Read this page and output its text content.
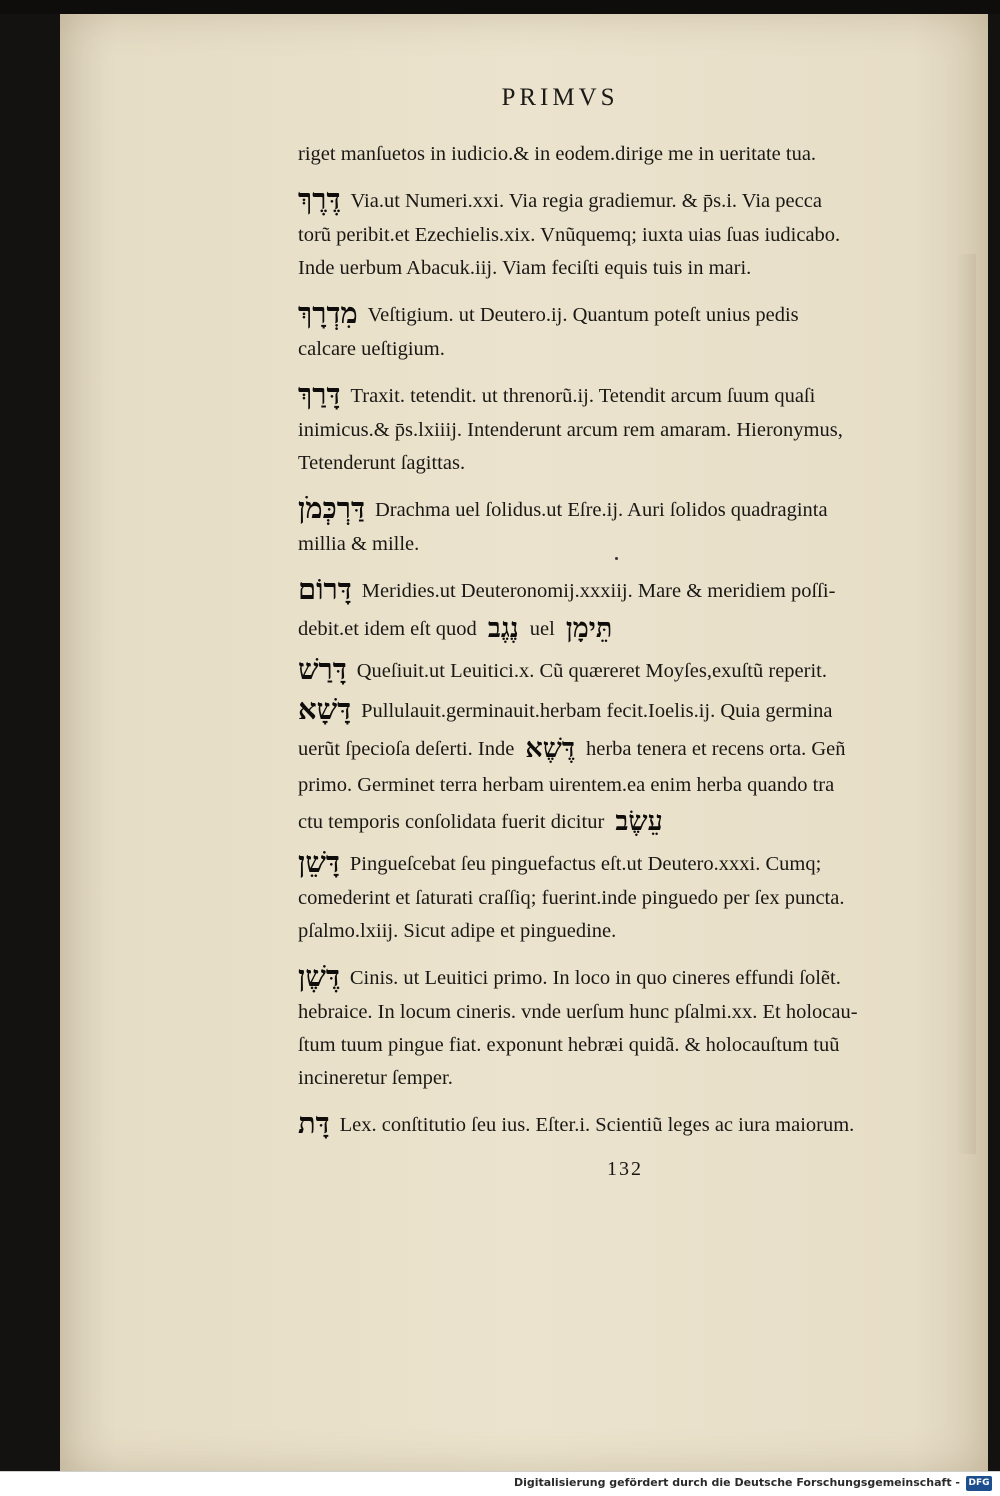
PRIMVS
riget manſuetos in iudicio.& in eodem.dirige me in ueritate tua.
דֶּרֶךְ Via.ut Numeri.xxi. Via regia gradiemur. & p̄s.i. Via pecca
torũ peribit.et Ezechielis.xix. Vnũquemq; iuxta uias ſuas iudicabo.
Inde uerbum Abacuk.iij. Viam feciſti equis tuis in mari.
מִדְרָךְ Veſtigium. ut Deutero.ij. Quantum poteſt unius pedis
calcare ueſtigium.
דָּרַךְ Traxit. tetendit. ut threnorũ.ij. Tetendit arcum ſuum quaſi
inimicus.& p̄s.lxiiij. Intenderunt arcum rem amaram. Hieronymus,
Tetenderunt ſagittas.
דַּרְכְּמֹן Drachma uel ſolidus.ut Eſre.ij. Auri ſolidos quadraginta
millia & mille.
דָּרוֹם Meridies.ut Deuteronomij.xxxiij. Mare & meridiem poſſi-
debit.et idem eſt quod נֶגֶב uel תֵּימָן
דָּרַשׁ Queſiuit.ut Leuitici.x. Cũ quæreret Moyſes,exuſtũ reperit.
דָּשָׁא Pullulauit.germinauit.herbam fecit.Ioelis.ij. Quia germina
uerũt ſpecioſa deſerti. Inde דֶּשֶׁא herba tenera et recens orta. Geñ
primo. Germinet terra herbam uirentem.ea enim herba quando tra
ctu temporis conſolidata fuerit dicitur עֵשֶׂב
דָּשֵׁן Pingueſcebat ſeu pinguefactus eſt.ut Deutero.xxxi. Cumq;
comederint et ſaturati craſſiq; fuerint.inde pinguedo per ſex puncta.
pſalmo.lxiij. Sicut adipe et pinguedine.
דֶּשֶׁן Cinis. ut Leuitici primo. In loco in quo cineres effundi ſolẽt.
hebraice. In locum cineris. vnde uerſum hunc pſalmi.xx. Et holocau-
ſtum tuum pingue fiat. exponunt hebræi quidã. & holocauſtum tuũ
incineretur ſemper.
דָּת Lex. conſtitutio ſeu ius. Eſter.i. Scientiũ leges ac iura maiorum.
132
Digitalisierung gefördert durch die Deutsche Forschungsgemeinschaft - DFG
